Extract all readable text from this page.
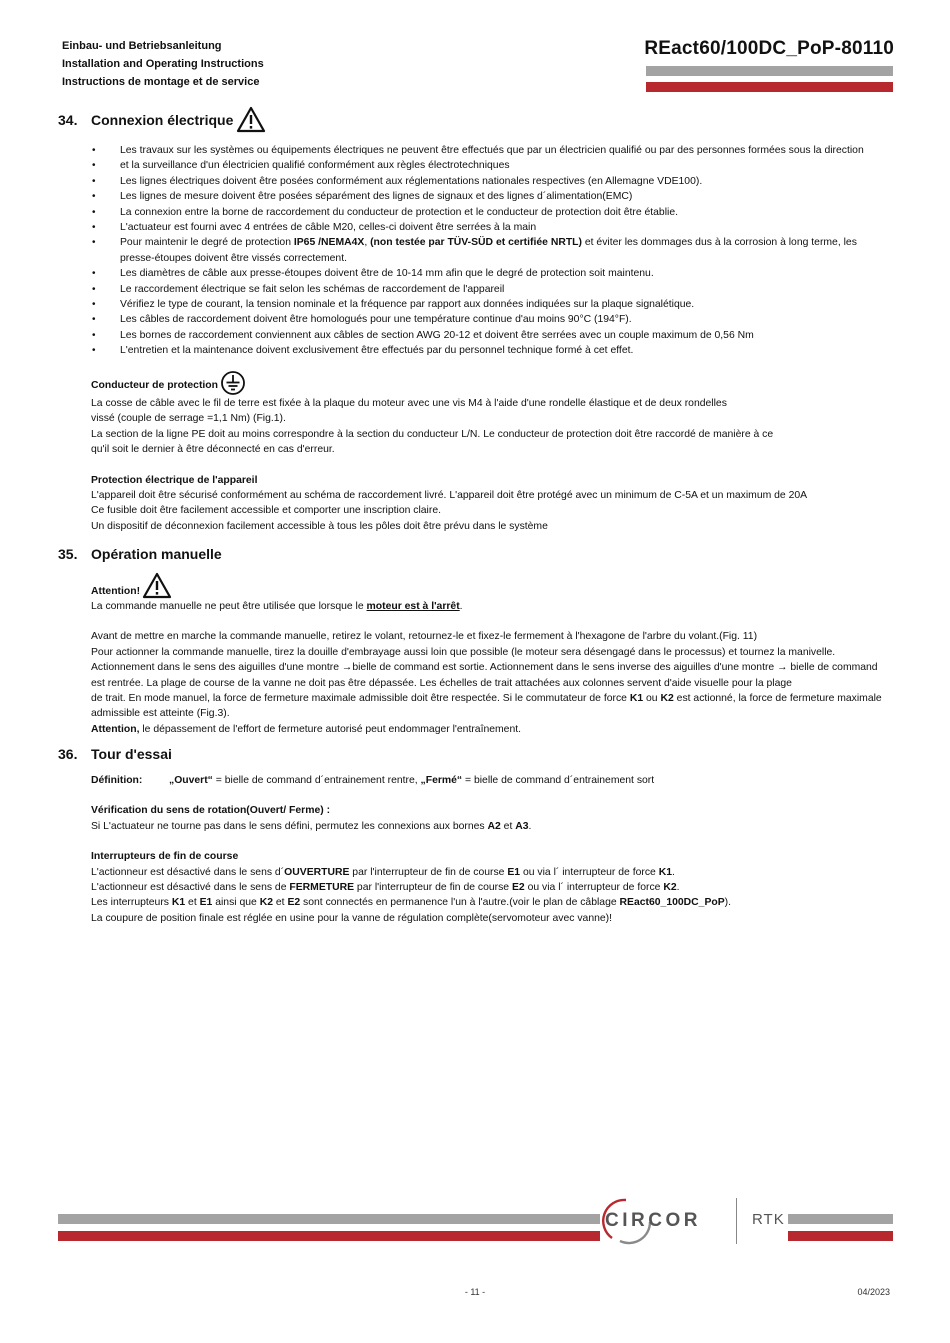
Einbau- und Betriebsanleitung
Installation and Operating Instructions
Instructions de montage et de service
REact60/100DC_PoP-80110
34. Connexion électrique
• Les travaux sur les systèmes ou équipements électriques ne peuvent être effectués que par un électricien qualifié ou par des personnes formées sous la direction
• et la surveillance d'un électricien qualifié conformément aux règles électrotechniques
• Les lignes électriques doivent être posées conformément aux réglementations nationales respectives (en Allemagne VDE100).
• Les lignes de mesure doivent être posées séparément des lignes de signaux et des lignes d´alimentation(EMC)
• La connexion entre la borne de raccordement du conducteur de protection et le conducteur de protection doit être établie.
• L'actuateur est fourni avec 4 entrées de câble M20, celles-ci doivent être serrées à la main
• Pour maintenir le degré de protection IP65 /NEMA4X, (non testée par TÜV-SÜD et certifiée NRTL) et éviter les dommages dus à la corrosion à long terme, les presse-étoupes doivent être vissés correctement.
• Les diamètres de câble aux presse-étoupes doivent être de 10-14 mm afin que le degré de protection soit maintenu.
• Le raccordement électrique se fait selon les schémas de raccordement de l'appareil
• Vérifiez le type de courant, la tension nominale et la fréquence par rapport aux données indiquées sur la plaque signalétique.
• Les câbles de raccordement doivent être homologués pour une température continue d'au moins 90°C (194°F).
• Les bornes de raccordement conviennent aux câbles de section AWG 20-12 et doivent être serrées avec un couple maximum de 0,56 Nm
• L'entretien et la maintenance doivent exclusivement être effectués par du personnel technique formé à cet effet.
Conducteur de protection

La cosse de câble avec le fil de terre est fixée à la plaque du moteur avec une vis M4 à l'aide d'une rondelle élastique et de deux rondelles

vissé (couple de serrage =1,1 Nm) (Fig.1).

La section de la ligne PE doit au moins correspondre à la section du conducteur L/N. Le conducteur de protection doit être raccordé de manière à ce

qu'il soit le dernier à être déconnecté en cas d'erreur.

Protection électrique de l'appareil

L'appareil doit être sécurisé conformément au schéma de raccordement livré. L'appareil doit être protégé avec un minimum de C-5A et un maximum de 20A

Ce fusible doit être facilement accessible et comporter une inscription claire.

Un dispositif de déconnexion facilement accessible à tous les pôles doit être prévu dans le système

35. Opération manuelle
Attention!

La commande manuelle ne peut être utilisée que lorsque le moteur est à l'arrêt.

Avant de mettre en marche la commande manuelle, retirez le volant, retournez-le et fixez-le fermement à l'hexagone de l'arbre du volant.(Fig. 11)

Pour actionner la commande manuelle, tirez la douille d'embrayage aussi loin que possible (le moteur sera désengagé dans le processus) et tournez la manivelle.

Actionnement dans le sens des aiguilles d'une montre →bielle de command est sortie. Actionnement dans le sens inverse des aiguilles d'une montre → bielle de command est rentrée. La plage de course de la vanne ne doit pas être dépassée. Les échelles de trait attachées aux colonnes servent d'aide visuelle pour la plage

de trait. En mode manuel, la force de fermeture maximale admissible doit être respectée. Si le commutateur de force K1 ou K2 est actionné, la force de fermeture maximale admissible est atteinte (Fig.3).

Attention, le dépassement de l'effort de fermeture autorisé peut endommager l'entraînement.

36. Tour d'essai

Définition:	„Ouvert“ = bielle de command d´entrainement rentre, „Fermé“ = bielle de command d´entrainement sort

Vérification du sens de rotation(Ouvert/ Ferme) :

Si L'actuateur ne tourne pas dans le sens défini, permutez les connexions aux bornes A2 et A3.

Interrupteurs de fin de course

L'actionneur est désactivé dans le sens d´OUVERTURE par l'interrupteur de fin de course E1 ou via l´ interrupteur de force K1.

L'actionneur est désactivé dans le sens de FERMETURE par l'interrupteur de fin de course E2 ou via l´ interrupteur de force K2.

Les interrupteurs K1 et E1 ainsi que K2 et E2 sont connectés en permanence l'un à l'autre.(voir le plan de câblage REact60_100DC_PoP).

La coupure de position finale est réglée en usine pour la vanne de régulation complète(servomoteur avec vanne)!

CIRCOR	RTK
- 11 -	04/2023
